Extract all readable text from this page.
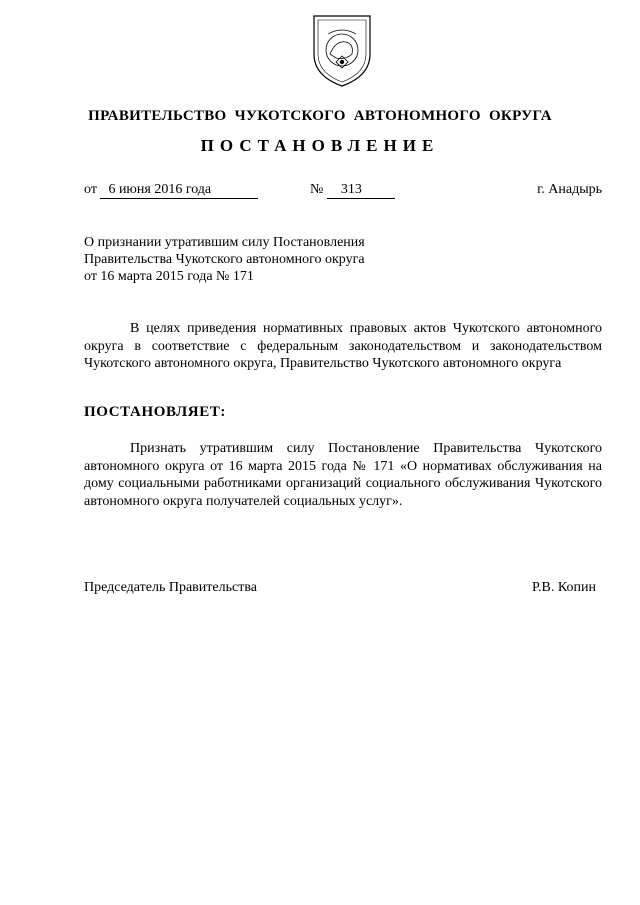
ПРАВИТЕЛЬСТВО  ЧУКОТСКОГО  АВТОНОМНОГО  ОКРУГА
ПОСТАНОВЛЕНИЕ
от 6 июня 2016 года	№ 313	г. Анадырь
О признании утратившим силу Постановления
Правительства Чукотского автономного округа
от 16 марта 2015 года № 171
В целях приведения нормативных правовых актов Чукотского автономного округа в соответствие с федеральным законодательством и законодательством Чукотского автономного округа, Правительство Чукотского автономного округа
ПОСТАНОВЛЯЕТ:
Признать утратившим силу Постановление Правительства Чукотского автономного округа от 16 марта 2015 года № 171 «О нормативах обслуживания на дому социальными работниками организаций социального обслуживания Чукотского автономного округа получателей социальных услуг».
Председатель Правительства	Р.В. Копин
